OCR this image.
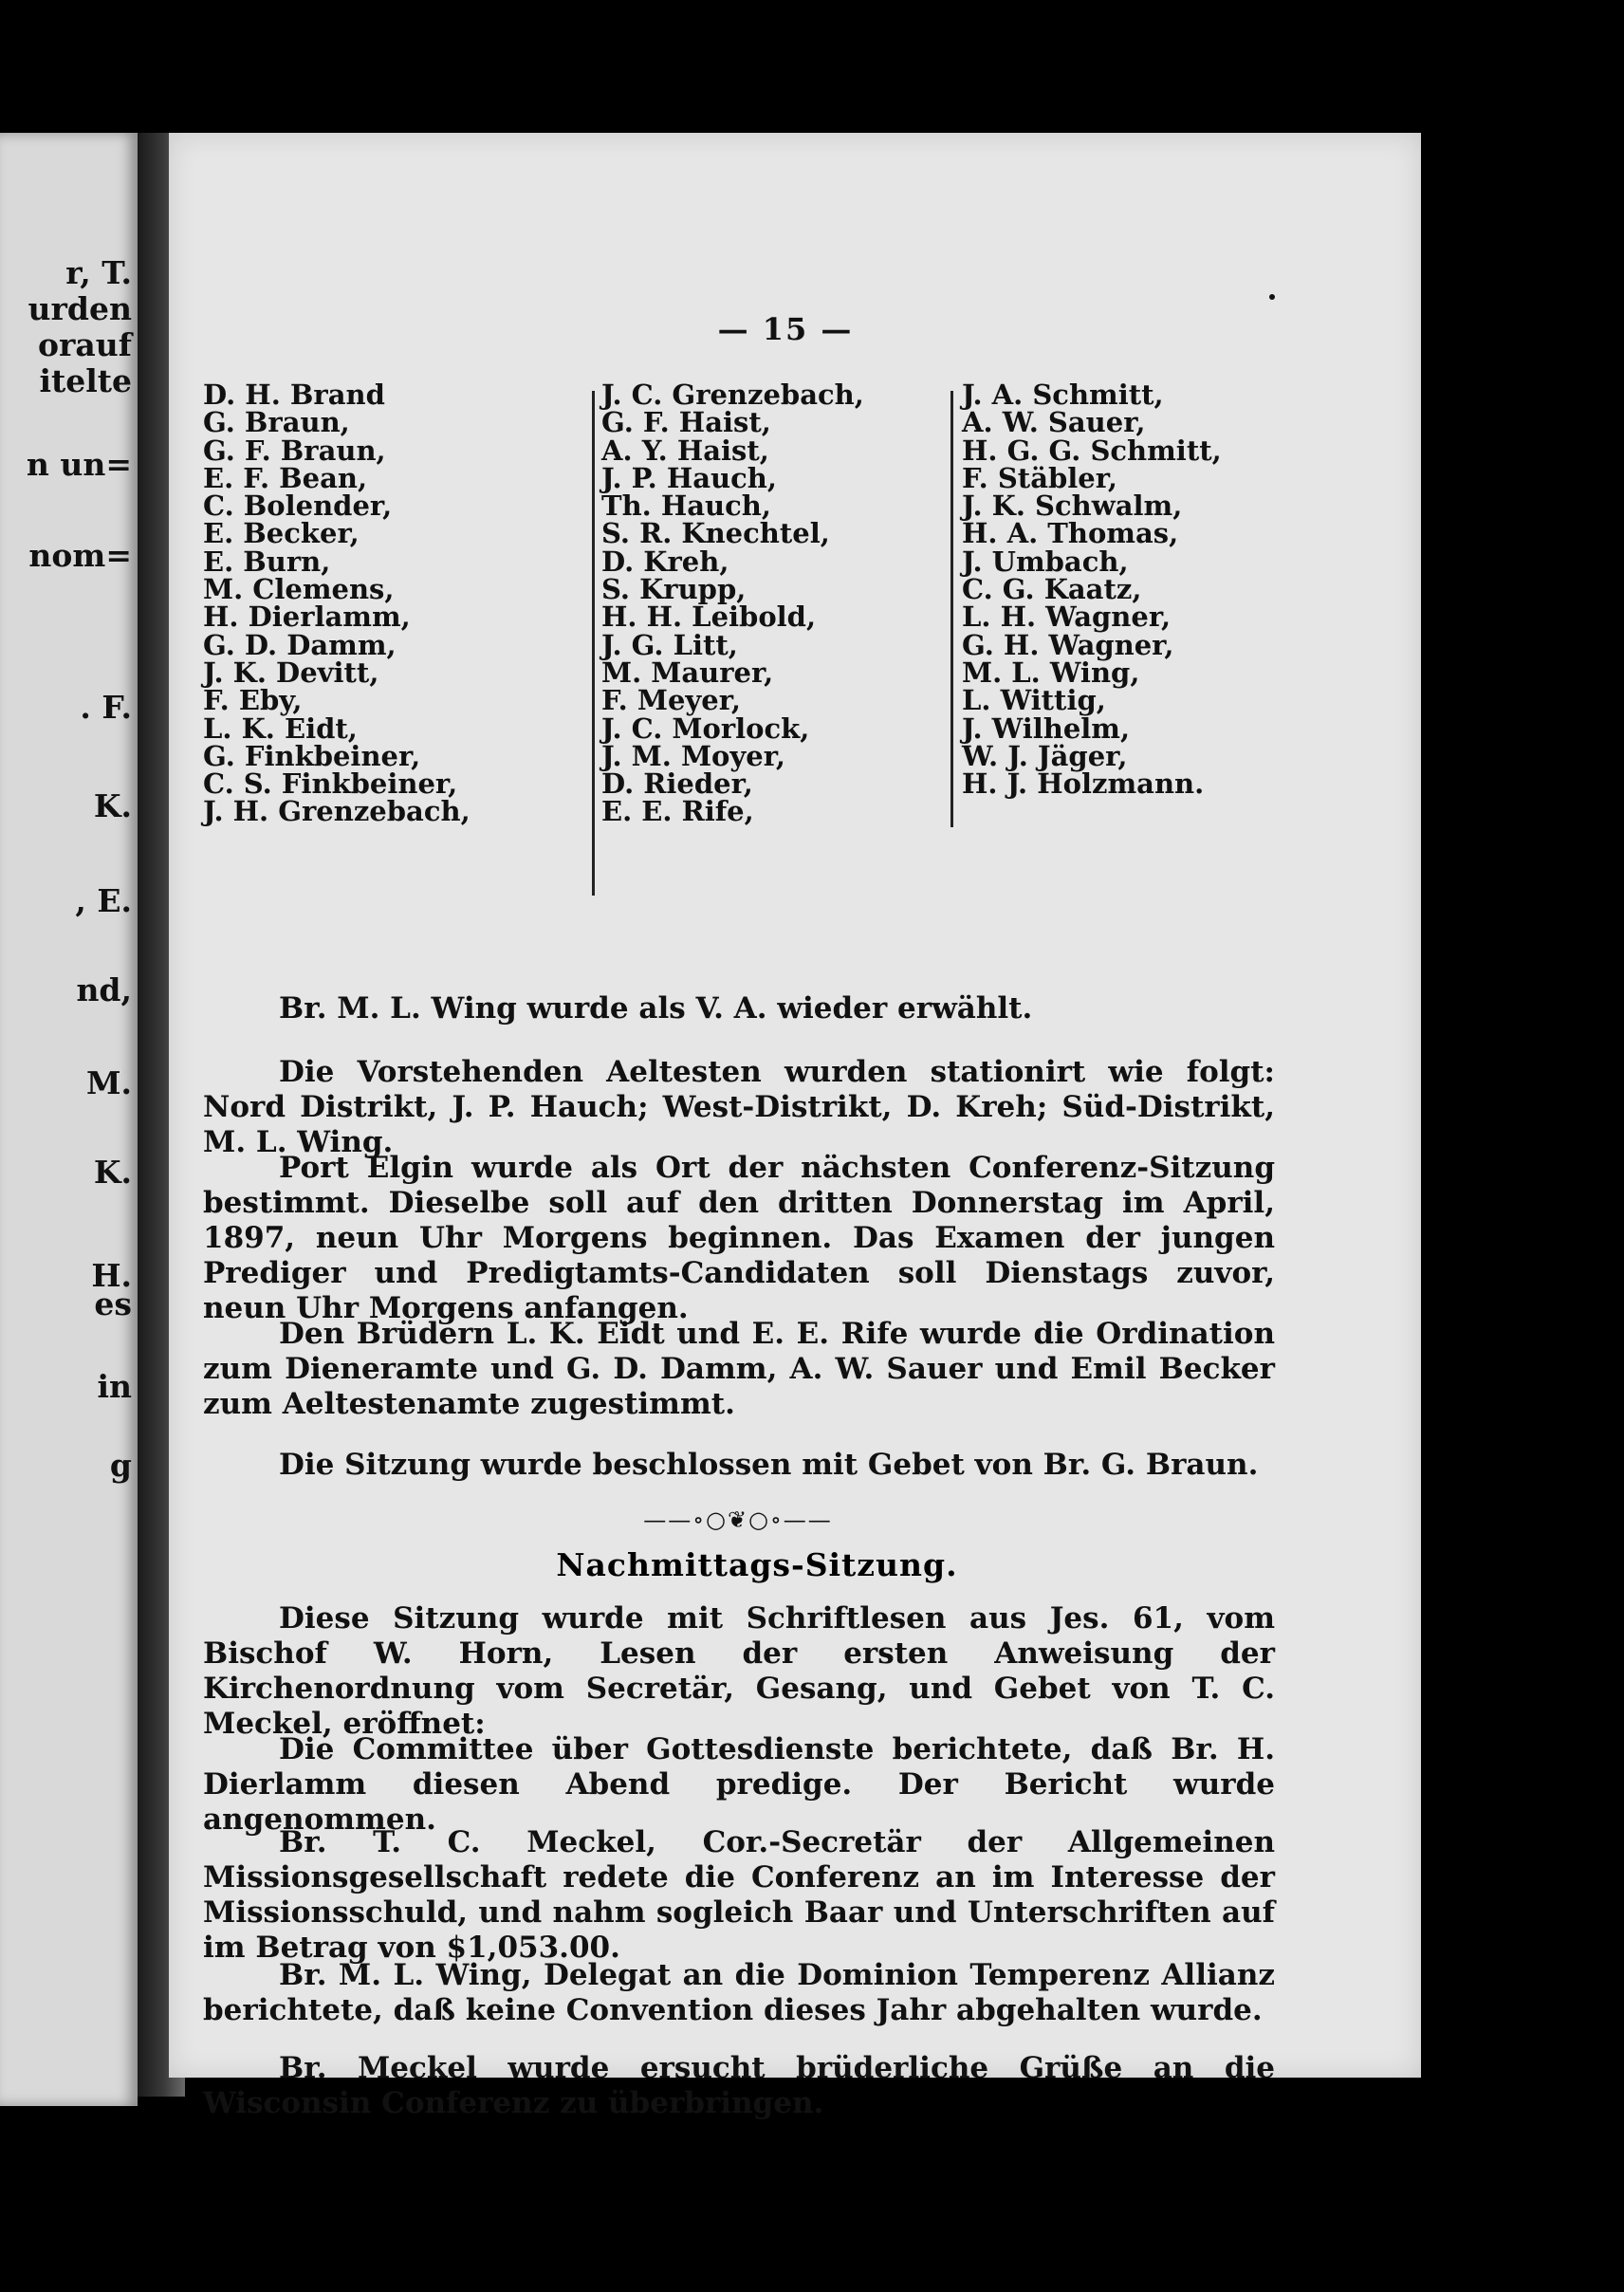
r, T.
urden
orauf
itelte
n un=
nom=
. F.
K.
, E.
nd,
M.
K.
H.
es
in
g
— 15 —
D. H. Brand
G. Braun,
G. F. Braun,
E. F. Bean,
C. Bolender,
E. Becker,
E. Burn,
M. Clemens,
H. Dierlamm,
G. D. Damm,
J. K. Devitt,
F. Eby,
L. K. Eidt,
G. Finkbeiner,
C. S. Finkbeiner,
J. H. Grenzebach,
J. C. Grenzebach,
G. F. Haist,
A. Y. Haist,
J. P. Hauch,
Th. Hauch,
S. R. Knechtel,
D. Kreh,
S. Krupp,
H. H. Leibold,
J. G. Litt,
M. Maurer,
F. Meyer,
J. C. Morlock,
J. M. Moyer,
D. Rieder,
E. E. Rife,
J. A. Schmitt,
A. W. Sauer,
H. G. G. Schmitt,
F. Stäbler,
J. K. Schwalm,
H. A. Thomas,
J. Umbach,
C. G. Kaatz,
L. H. Wagner,
G. H. Wagner,
M. L. Wing,
L. Wittig,
J. Wilhelm,
W. J. Jäger,
H. J. Holzmann.
Br. M. L. Wing wurde als V. A. wieder erwählt.
Die Vorstehenden Aeltesten wurden stationirt wie folgt: Nord Distrikt, J. P. Hauch; West-Distrikt, D. Kreh; Süd-Distrikt, M. L. Wing.
Port Elgin wurde als Ort der nächsten Conferenz-Sitzung bestimmt. Dieselbe soll auf den dritten Donnerstag im April, 1897, neun Uhr Morgens beginnen. Das Examen der jungen Prediger und Predigtamts-Candidaten soll Dienstags zuvor, neun Uhr Morgens anfangen.
Den Brüdern L. K. Eidt und E. E. Rife wurde die Ordination zum Dieneramte und G. D. Damm, A. W. Sauer und Emil Becker zum Aeltestenamte zugestimmt.
Die Sitzung wurde beschlossen mit Gebet von Br. G. Braun.
——∘○❦○∘——
Nachmittags-Sitzung.
Diese Sitzung wurde mit Schriftlesen aus Jes. 61, vom Bischof W. Horn, Lesen der ersten Anweisung der Kirchenordnung vom Secretär, Gesang, und Gebet von T. C. Meckel, eröffnet:
Die Committee über Gottesdienste berichtete, daß Br. H. Dierlamm diesen Abend predige. Der Bericht wurde angenommen.
Br. T. C. Meckel, Cor.-Secretär der Allgemeinen Missionsgesellschaft redete die Conferenz an im Interesse der Missionsschuld, und nahm sogleich Baar und Unterschriften auf im Betrag von $1,053.00.
Br. M. L. Wing, Delegat an die Dominion Temperenz Allianz berichtete, daß keine Convention dieses Jahr abgehalten wurde.
Br. Meckel wurde ersucht brüderliche Grüße an die Wisconsin Conferenz zu überbringen.
